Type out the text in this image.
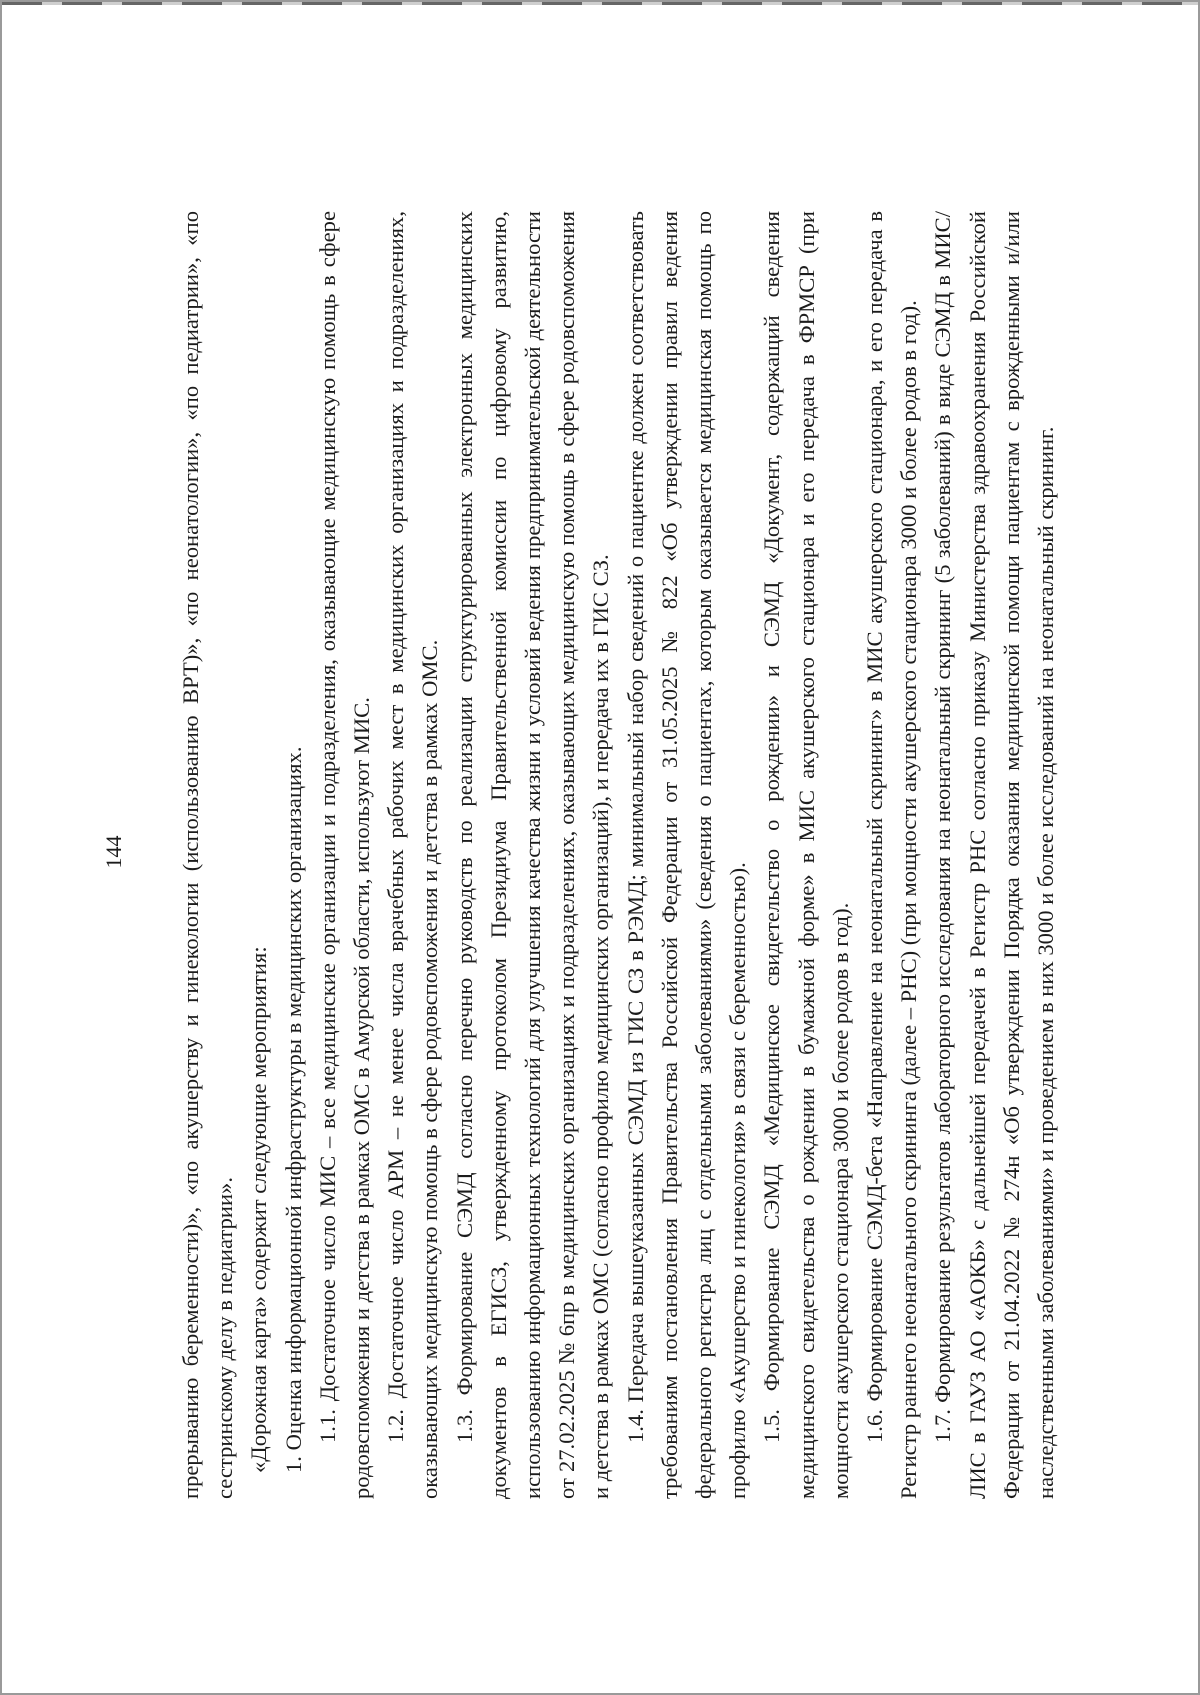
144 прерыванию беременности)», «по акушерству и гинекологии (использованию ВРТ)», «по неонатологии», «по педиатрии», «по сестринскому делу в педиатрии». «Дорожная карта» содержит следующие мероприятия: 1. Оценка информационной инфраструктуры в медицинских организациях. 1.1. Достаточное число МИС – все медицинские организации и подразделения, оказывающие медицинскую помощь в сфере родовспоможения и детства в рамках ОМС в Амурской области, используют МИС. 1.2. Достаточное число АРМ – не менее числа врачебных рабочих мест в медицинских организациях и подразделениях, оказывающих медицинскую помощь в сфере родовспоможения и детства в рамках ОМС. 1.3. Формирование СЭМД согласно перечню руководств по реализации структурированных электронных медицинских документов в ЕГИСЗ, утвержденному протоколом Президиума Правительственной комиссии по цифровому развитию, использованию информационных технологий для улучшения качества жизни и условий ведения предпринимательской деятельности от 27.02.2025 № 6пр в медицинских организациях и подразделениях, оказывающих медицинскую помощь в сфере родовспоможения и детства в рамках ОМС (согласно профилю медицинских организаций), и передача их в ГИС СЗ. 1.4. Передача вышеуказанных СЭМД из ГИС СЗ в РЭМД; минимальный набор сведений о пациентке должен соответствовать требованиям постановления Правительства Российской Федерации от 31.05.2025 № 822 «Об утверждении правил ведения федерального регистра лиц с отдельными заболеваниями» (сведения о пациентах, которым оказывается медицинская помощь по профилю «Акушерство и гинекология» в связи с беременностью). 1.5. Формирование СЭМД «Медицинское свидетельство о рождении» и СЭМД «Документ, содержащий сведения медицинского свидетельства о рождении в бумажной форме» в МИС акушерского стационара и его передача в ФРМСР (при мощности акушерского стационара 3000 и более родов в год). 1.6. Формирование СЭМД-бета «Направление на неонатальный скрининг» в МИС акушерского стационара, и его передача в Регистр раннего неонатального скрининга (далее – РНС) (при мощности акушерского стационара 3000 и более родов в год). 1.7. Формирование результатов лабораторного исследования на неонатальный скрининг (5 заболеваний) в виде СЭМД в МИС/ЛИС в ГАУЗ АО «АОКБ» с дальнейшей передачей в Регистр РНС согласно приказу Министерства здравоохранения Российской Федерации от 21.04.2022 № 274н «Об утверждении Порядка оказания медицинской помощи пациентам с врожденными и/или наследственными заболеваниями» и проведением в них 3000 и более исследований на неонатальный скрининг.
